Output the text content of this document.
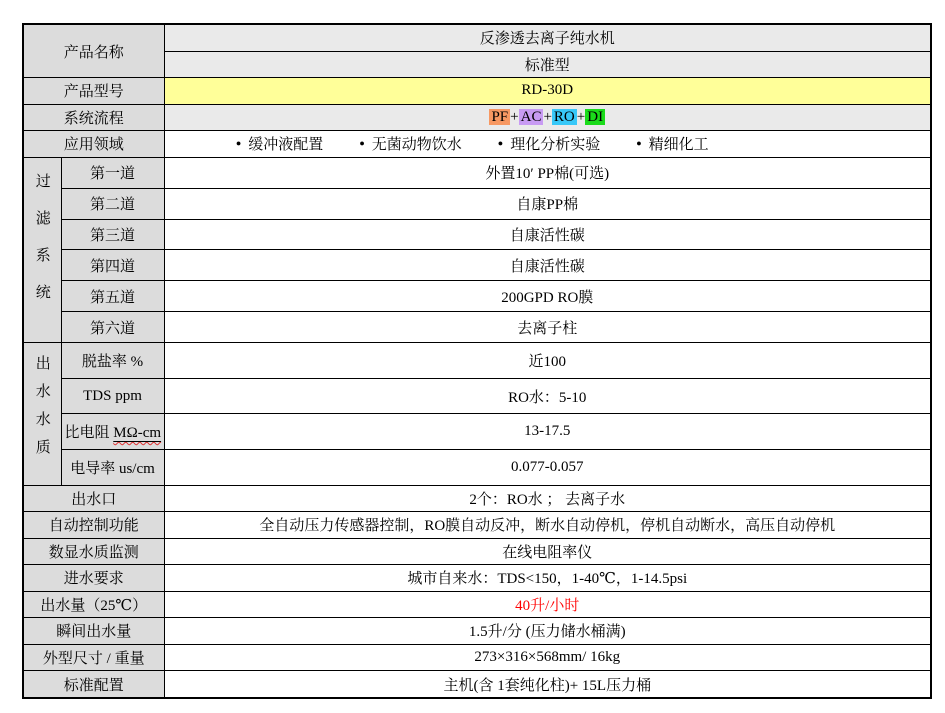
产品名称		反渗透去离子纯水机
		标准型
产品型号		RD-30D
系统流程		PF + AC + RO + DI
应用领域	● 缓冲液配置	● 无菌动物饮水	● 理化分析实验	● 精细化工

过滤系统	第一道	外置10′ PP棉(可选)
	第二道	自康PP棉
	第三道	自康活性碳
	第四道	自康活性碳
	第五道	200GPD RO膜
	第六道	去离子柱
出水水质	脱盐率 %	近100
	TDS ppm	RO水：5-10
	比电阻 MΩ-cm	13-17.5
	电导率 us/cm	0.077-0.057
出水口		2个：RO水 ； 去离子水
自动控制功能		全自动压力传感器控制，RO膜自动反冲，断水自动停机，停机自动断水，高压自动停机
数显水质监测		在线电阻率仪
进水要求		城市自来水：TDS<150，1-40℃，1-14.5psi
出水量（25℃）		40升/小时
瞬间出水量		1.5升/分 (压力储水桶满)
外型尺寸 / 重量		273×316×568mm/ 16kg
标准配置		主机(含 1套纯化柱)+ 15L压力桶
